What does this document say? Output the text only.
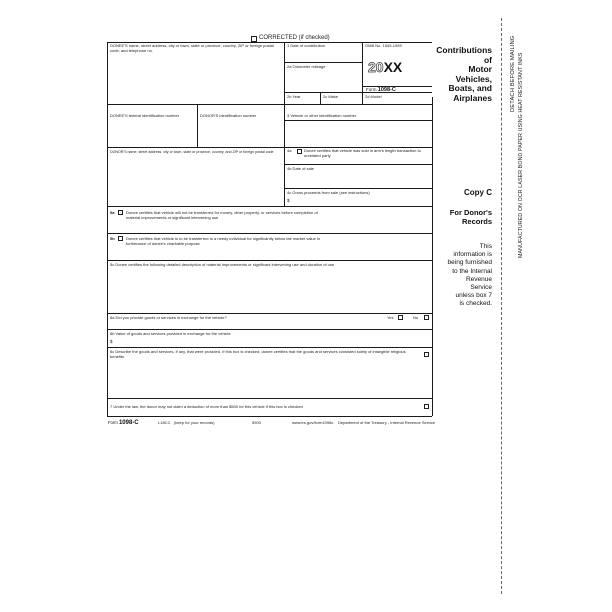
CORRECTED (if checked)
DONEE'S name, street address, city or town, state or province, country, ZIP or foreign postal code, and telephone no.
1 Date of contribution	OMB No. 1545-1959
2a Odometer mileage	20XX
Form 1098-C
2b Year	2c Make	2d Model
Contributions of
Motor Vehicles,
Boats, and
Airplanes
DONEE'S federal identification number	DONOR'S identification number	3 Vehicle or other identification number
DONOR'S name, street address, city or town, state or province, country, and ZIP or foreign postal code	4a	Donee certifies that vehicle was sold in arm's length transaction to unrelated party
4b Date of sale
4c Gross proceeds from sale (see instructions)
$
Copy C
For Donor's
Records
This
information is
being furnished
to the Internal
Revenue
Service
unless box 7
is checked.
5a	Donee certifies that vehicle will not be transferred for money, other property, or services before completion of material improvements or significant intervening use
5b	Donee certifies that vehicle is to be transferred to a needy individual for significantly below fair market value in furtherance of donee's charitable purpose
5c Donee certifies the following detailed description of material improvements or significant intervening use and duration of use
6a Did you provide goods or services in exchange for the vehicle?	Yes	No
6b Value of goods and services provided in exchange for the vehicle
$
6c Describe the goods and services, if any, that were provided. If this box is checked, donee certifies that the goods and services consisted solely of intangible religious benefits
7 Under the law, the donor may not claim a deduction of more than $500 for this vehicle if this box is checked
Form 1098-C	L18CC (keep for your records)	5903	www.irs.gov/form1098c Department of the Treasury - Internal Revenue Service
DETACH BEFORE MAILING MANUFACTURED ON OCR LASER BOND PAPER USING HEAT RESISTANT INKS
